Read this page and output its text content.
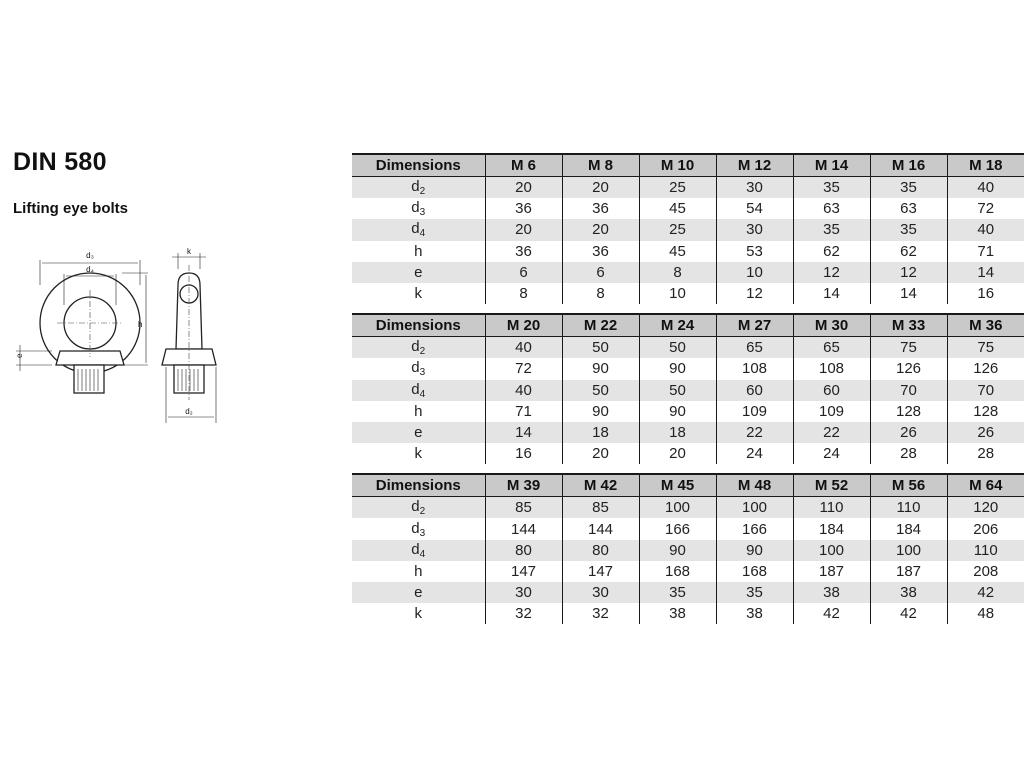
DIN 580
Lifting eye bolts
d₃
d₄
h
e
k
d₂
Dimensions	M 6	M 8	M 10	M 12	M 14	M 16	M 18
$d_2$	20	20	25	30	35	35	40
$d_3$	36	36	45	54	63	63	72
$d_4$	20	20	25	30	35	35	40
h	36	36	45	53	62	62	71
e	6	6	8	10	12	12	14
k	8	8	10	12	14	14	16
Dimensions	M 20	M 22	M 24	M 27	M 30	M 33	M 36
$d_2$	40	50	50	65	65	75	75
$d_3$	72	90	90	108	108	126	126
$d_4$	40	50	50	60	60	70	70
h	71	90	90	109	109	128	128
e	14	18	18	22	22	26	26
k	16	20	20	24	24	28	28
Dimensions	M 39	M 42	M 45	M 48	M 52	M 56	M 64
$d_2$	85	85	100	100	110	110	120
$d_3$	144	144	166	166	184	184	206
$d_4$	80	80	90	90	100	100	110
h	147	147	168	168	187	187	208
e	30	30	35	35	38	38	42
k	32	32	38	38	42	42	48
